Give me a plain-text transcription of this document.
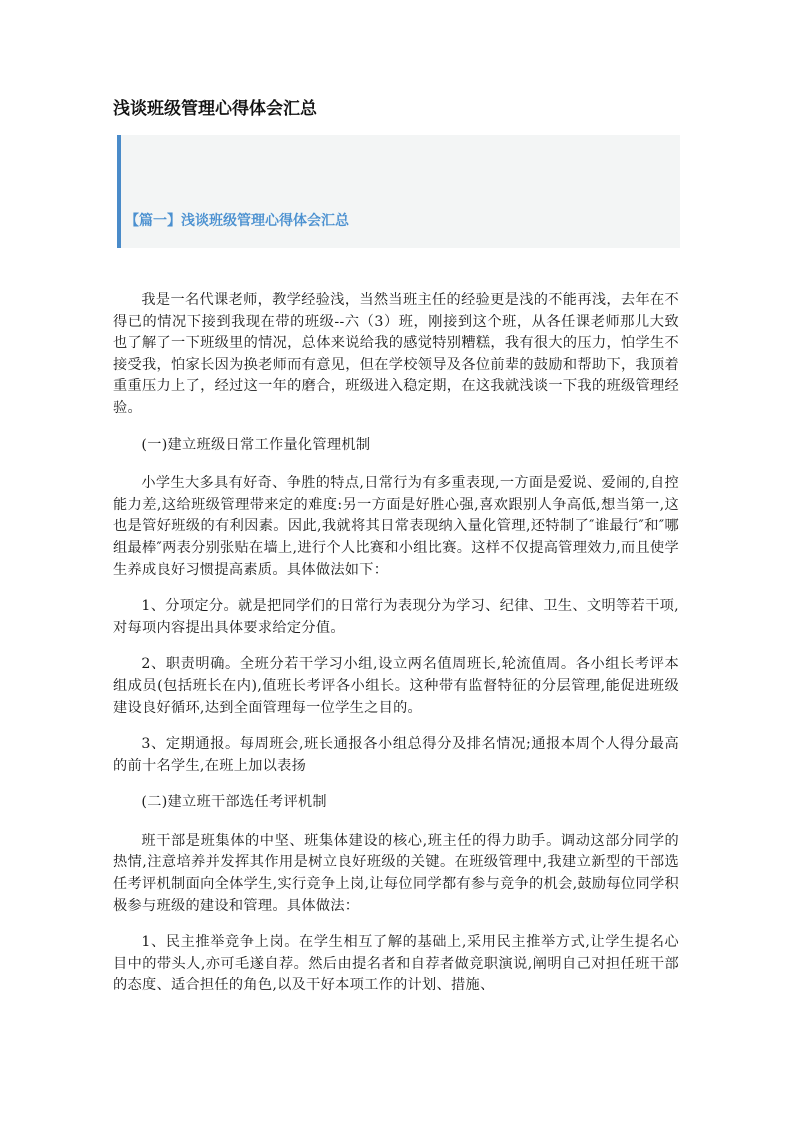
浅谈班级管理心得体会汇总
【篇一】浅谈班级管理心得体会汇总

我是一名代课老师，教学经验浅，当然当班主任的经验更是浅的不能再浅，去年在不得已的情况下接到我现在带的班级--六（3）班，刚接到这个班，从各任课老师那儿大致也了解了一下班级里的情况，总体来说给我的感觉特别糟糕，我有很大的压力，怕学生不接受我，怕家长因为换老师而有意见，但在学校领导及各位前辈的鼓励和帮助下，我顶着重重压力上了，经过这一年的磨合，班级进入稳定期，在这我就浅谈一下我的班级管理经验。

(一)建立班级日常工作量化管理机制

小学生大多具有好奇、争胜的特点,日常行为有多重表现,一方面是爱说、爱闹的,自控能力差,这给班级管理带来定的难度:另一方面是好胜心强,喜欢跟别人争高低,想当第一,这也是管好班级的有利因素。因此,我就将其日常表现纳入量化管理,还特制了″谁最行″和″哪组最棒″两表分别张贴在墙上,进行个人比赛和小组比赛。这样不仅提高管理效力,而且使学生养成良好习惯提高素质。具体做法如下：

1、分项定分。就是把同学们的日常行为表现分为学习、纪律、卫生、文明等若干项,对每项内容提出具体要求给定分值。

2、职责明确。全班分若干学习小组,设立两名值周班长,轮流值周。各小组长考评本组成员(包括班长在内),值班长考评各小组长。这种带有监督特征的分层管理,能促进班级建设良好循环,达到全面管理每一位学生之目的。

3、定期通报。每周班会,班长通报各小组总得分及排名情况;通报本周个人得分最高的前十名学生,在班上加以表扬

(二)建立班干部选任考评机制

班干部是班集体的中坚、班集体建设的核心,班主任的得力助手。调动这部分同学的热情,注意培养并发挥其作用是树立良好班级的关键。在班级管理中,我建立新型的干部选任考评机制面向全体学生,实行竞争上岗,让每位同学都有参与竞争的机会,鼓励每位同学积极参与班级的建设和管理。具体做法：

1、民主推举竞争上岗。在学生相互了解的基础上,采用民主推举方式,让学生提名心目中的带头人,亦可毛遂自荐。然后由提名者和自荐者做竞职演说,阐明自己对担任班干部的态度、适合担任的角色,以及干好本项工作的计划、措施、
